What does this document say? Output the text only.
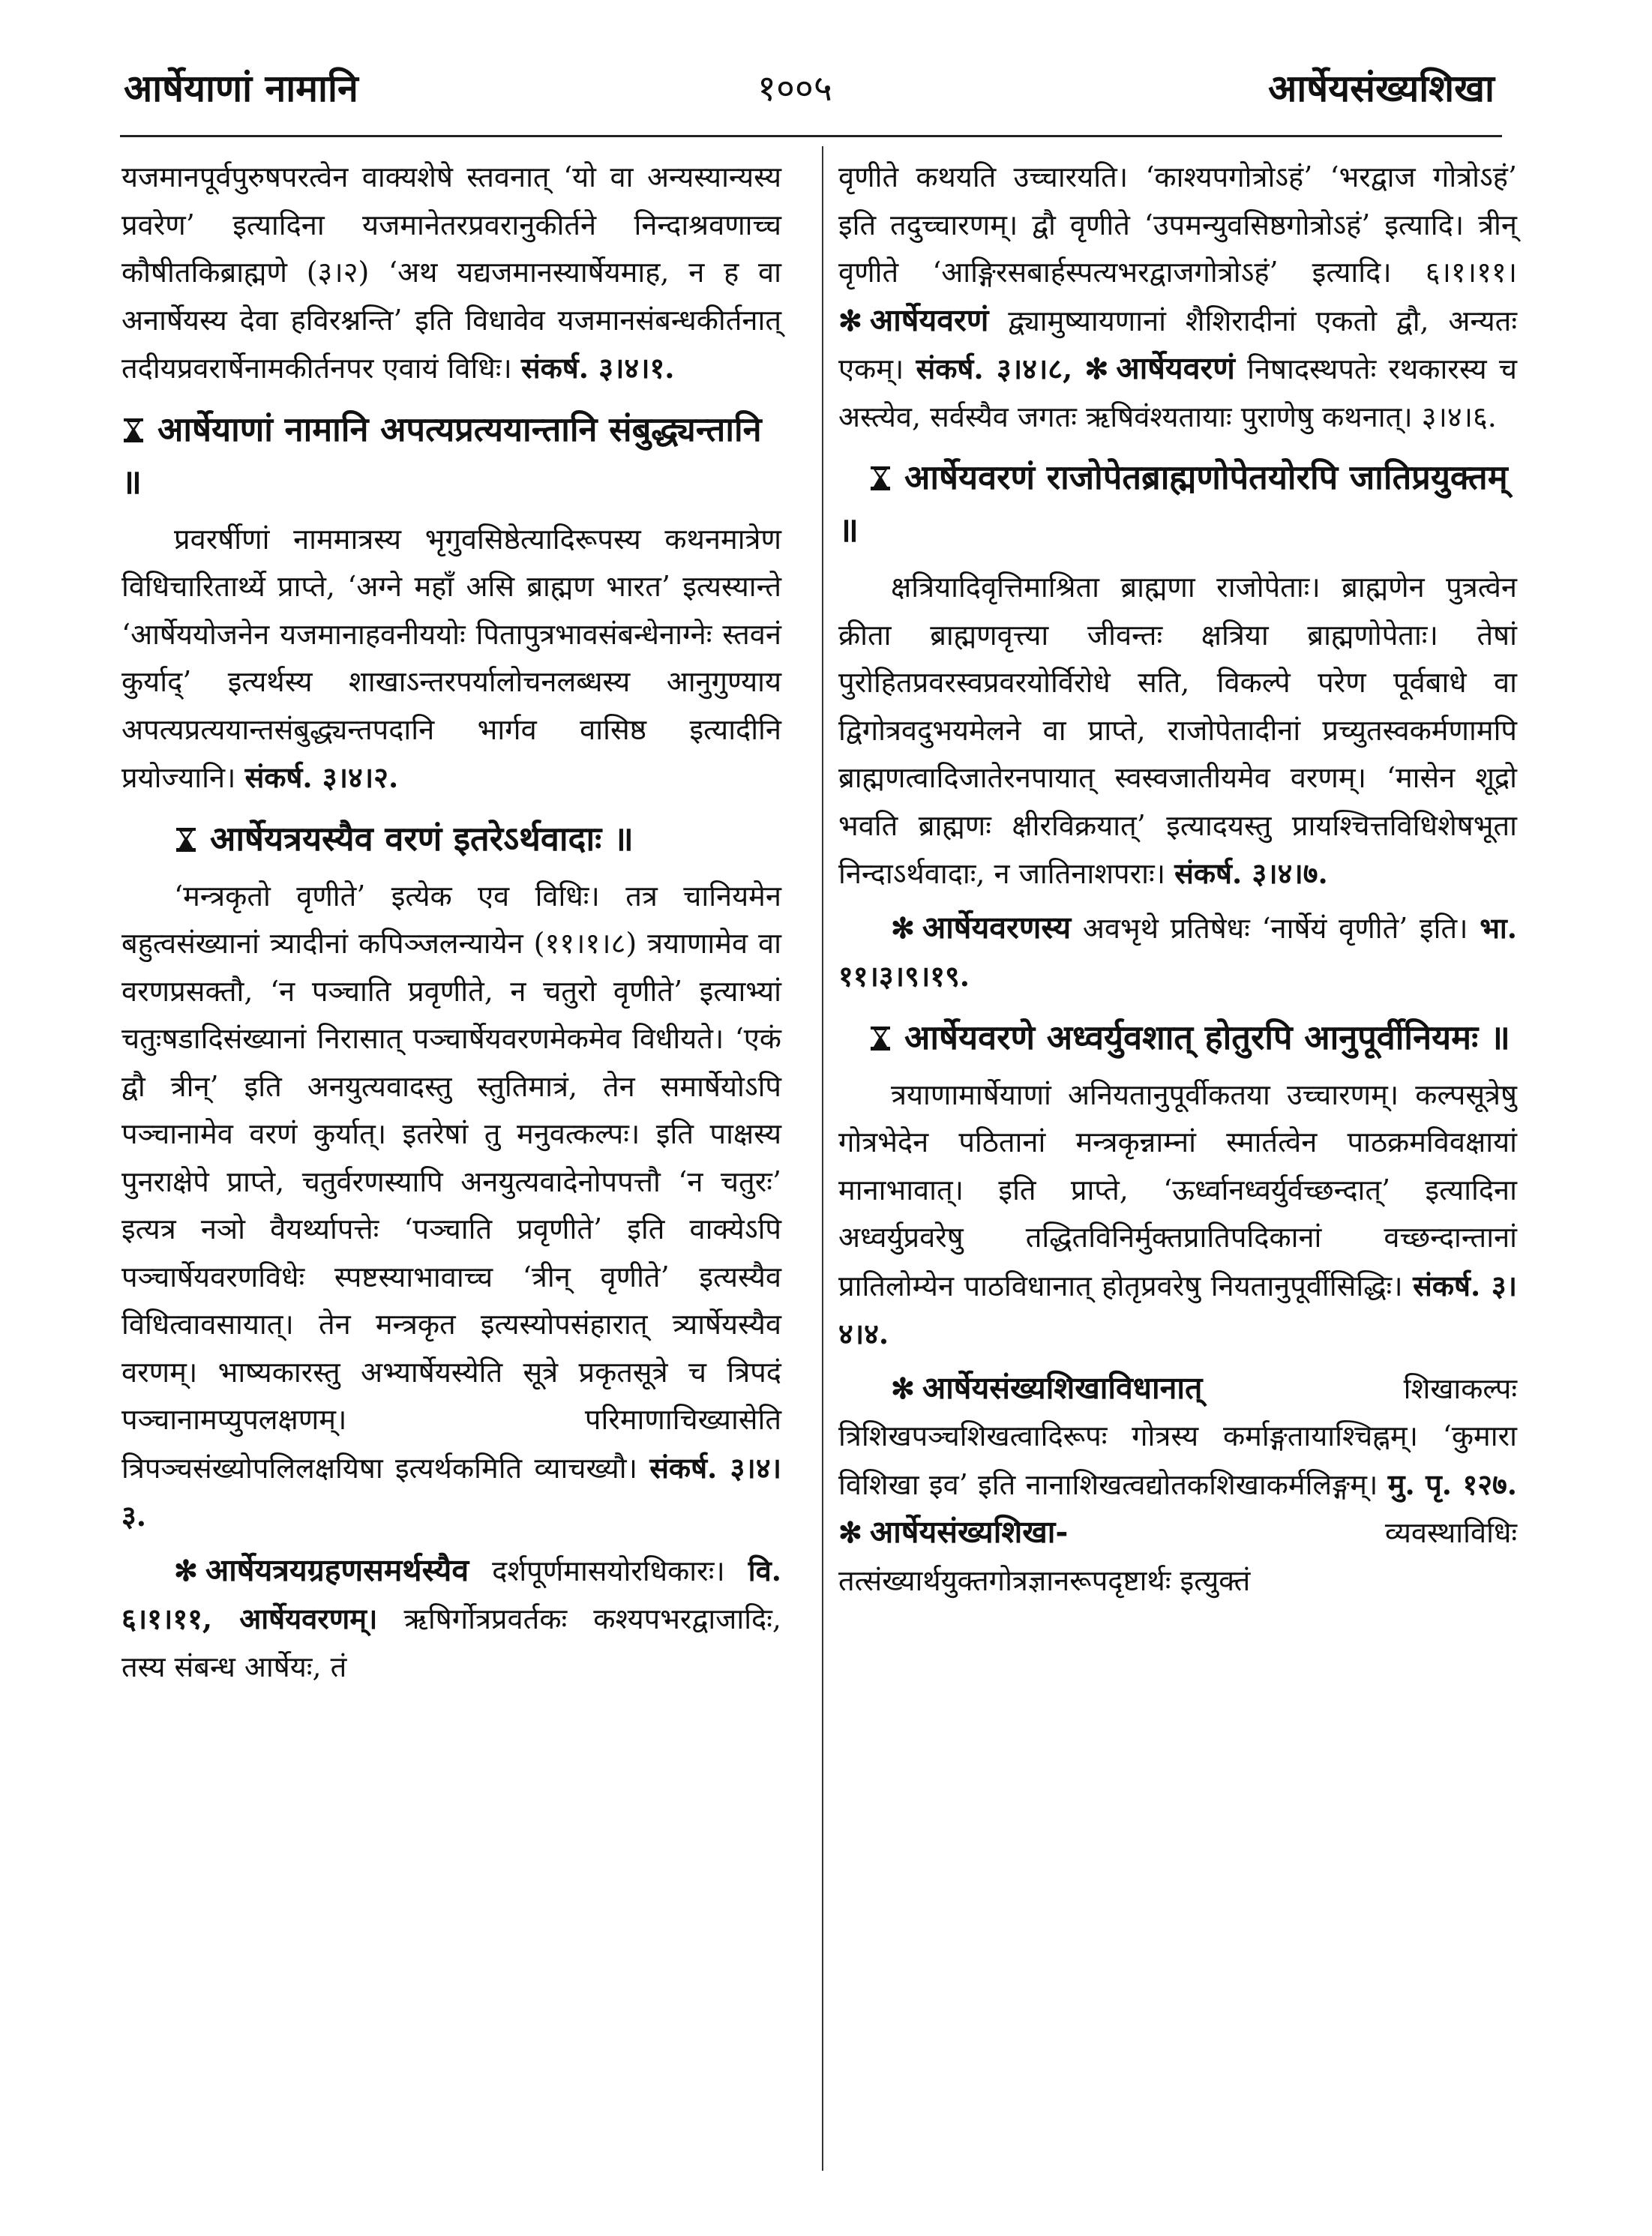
आर्षेयाणां नामानि	१००५	आर्षेयसंख्यशिखा

यजमानपूर्वपुरुषपरत्वेन वाक्यशेषे स्तवनात् ‘यो वा अन्यस्यान्यस्य प्रवरेण’ इत्यादिना यजमानेतरप्रवरानुकीर्तने निन्दाश्रवणाच्च कौषीतकिब्राह्मणे (३।२) ‘अथ यद्यजमानस्यार्षेयमाह, न ह वा अनार्षेयस्य देवा हविरश्नन्ति’ इति विधावेव यजमानसंबन्धकीर्तनात् तदीयप्रवरार्षेनामकीर्तनपर एवायं विधिः। संकर्ष. ३।४।१.

आर्षेयाणां नामानि अपत्यप्रत्ययान्तानि संबुद्ध्यन्तानि ॥

प्रवरर्षीणां नाममात्रस्य भृगुवसिष्ठेत्यादिरूपस्य कथनमात्रेण विधिचारितार्थ्ये प्राप्ते, ‘अग्ने महाँ असि ब्राह्मण भारत’ इत्यस्यान्ते ‘आर्षेययोजनेन यजमानाहवनीययोः पितापुत्रभावसंबन्धेनाग्नेः स्तवनं कुर्याद्’ इत्यर्थस्य शाखाऽन्तरपर्यालोचनलब्धस्य आनुगुण्याय अपत्यप्रत्ययान्तसंबुद्ध्यन्तपदानि भार्गव वासिष्ठ इत्यादीनि प्रयोज्यानि। संकर्ष. ३।४।२.

आर्षेयत्रयस्यैव वरणं इतरेऽर्थवादाः ॥

‘मन्त्रकृतो वृणीते’ इत्येक एव विधिः। तत्र चानियमेन बहुत्वसंख्यानां त्र्यादीनां कपिञ्जलन्यायेन (११।१।८) त्रयाणामेव वा वरणप्रसक्तौ, ‘न पञ्चाति प्रवृणीते, न चतुरो वृणीते’ इत्याभ्यां चतुःषडादिसंख्यानां निरासात् पञ्चार्षेयवरणमेकमेव विधीयते। ‘एकं द्वौ त्रीन्’ इति अनयुत्यवादस्तु स्तुतिमात्रं, तेन समार्षेयोऽपि पञ्चानामेव वरणं कुर्यात्। इतरेषां तु मनुवत्कल्पः। इति पाक्षस्य पुनराक्षेपे प्राप्ते, चतुर्वरणस्यापि अनयुत्यवादेनोपपत्तौ ‘न चतुरः’ इत्यत्र नञो वैयर्थ्यापत्तेः ‘पञ्चाति प्रवृणीते’ इति वाक्येऽपि पञ्चार्षेयवरणविधेः स्पष्टस्याभावाच्च ‘त्रीन् वृणीते’ इत्यस्यैव विधित्वावसायात्। तेन मन्त्रकृत इत्यस्योपसंहारात् त्र्यार्षेयस्यैव वरणम्। भाष्यकारस्तु अभ्यार्षेयस्येति सूत्रे प्रकृतसूत्रे च त्रिपदं पञ्चानामप्युपलक्षणम्। परिमाणाचिख्यासेति त्रिपञ्चसंख्योपलिलक्षयिषा इत्यर्थकमिति व्याचख्यौ। संकर्ष. ३।४।३.

✻ आर्षेयत्रयग्रहणसमर्थस्यैव दर्शपूर्णमासयोरधिकारः। वि. ६।१।११, आर्षेयवरणम्। ऋषिर्गोत्रप्रवर्तकः कश्यपभरद्वाजादिः, तस्य संबन्ध आर्षेयः, तं

वृणीते कथयति उच्चारयति। ‘काश्यपगोत्रोऽहं’ ‘भरद्वाज गोत्रोऽहं’ इति तदुच्चारणम्। द्वौ वृणीते ‘उपमन्युवसिष्ठगोत्रोऽहं’ इत्यादि। त्रीन् वृणीते ‘आङ्गिरसबार्हस्पत्यभरद्वाजगोत्रोऽहं’ इत्यादि। ६।१।११। ✻ आर्षेयवरणं द्व्यामुष्यायणानां शैशिरादीनां एकतो द्वौ, अन्यतः एकम्। संकर्ष. ३।४।८, ✻ आर्षेयवरणं निषादस्थपतेः रथकारस्य च अस्त्येव, सर्वस्यैव जगतः ऋषिवंश्यतायाः पुराणेषु कथनात्। ३।४।६.

आर्षेयवरणं राजोपेतब्राह्मणोपेतयोरपि जातिप्रयुक्तम् ॥

क्षत्रियादिवृत्तिमाश्रिता ब्राह्मणा राजोपेताः। ब्राह्मणेन पुत्रत्वेन क्रीता ब्राह्मणवृत्त्या जीवन्तः क्षत्रिया ब्राह्मणोपेताः। तेषां पुरोहितप्रवरस्वप्रवरयोर्विरोधे सति, विकल्पे परेण पूर्वबाधे वा द्विगोत्रवदुभयमेलने वा प्राप्ते, राजोपेतादीनां प्रच्युतस्वकर्मणामपि ब्राह्मणत्वादिजातेरनपायात् स्वस्वजातीयमेव वरणम्। ‘मासेन शूद्रो भवति ब्राह्मणः क्षीरविक्रयात्’ इत्यादयस्तु प्रायश्चित्तविधिशेषभूता निन्दाऽर्थवादाः, न जातिनाशपराः। संकर्ष. ३।४।७.

✻ आर्षेयवरणस्य अवभृथे प्रतिषेधः ‘नार्षेयं वृणीते’ इति। भा. ११।३।९।१९.

आर्षेयवरणे अध्वर्युवशात् होतुरपि आनुपूर्वीनियमः ॥

त्रयाणामार्षेयाणां अनियतानुपूर्वीकतया उच्चारणम्। कल्पसूत्रेषु गोत्रभेदेन पठितानां मन्त्रकृन्नाम्नां स्मार्तत्वेन पाठक्रमविवक्षायां मानाभावात्। इति प्राप्ते, ‘ऊर्ध्वानध्वर्युर्वच्छन्दात्’ इत्यादिना अध्वर्युप्रवरेषु तद्धितविनिर्मुक्तप्रातिपदिकानां वच्छन्दान्तानां प्रातिलोम्येन पाठविधानात् होतृप्रवरेषु नियतानुपूर्वीसिद्धिः। संकर्ष. ३।४।४.

✻ आर्षेयसंख्यशिखाविधानात्	शिखाकल्पः त्रिशिखपञ्चशिखत्वादिरूपः गोत्रस्य कर्माङ्गतायाश्चिह्नम्। ‘कुमारा विशिखा इव’ इति नानाशिखत्वद्योतकशिखाकर्मलिङ्गम्। मु. पृ. १२७. ✻ आर्षेयसंख्यशिखा-	व्यवस्थाविधिः तत्संख्यार्थयुक्तगोत्रज्ञानरूपदृष्टार्थः इत्युक्तं
